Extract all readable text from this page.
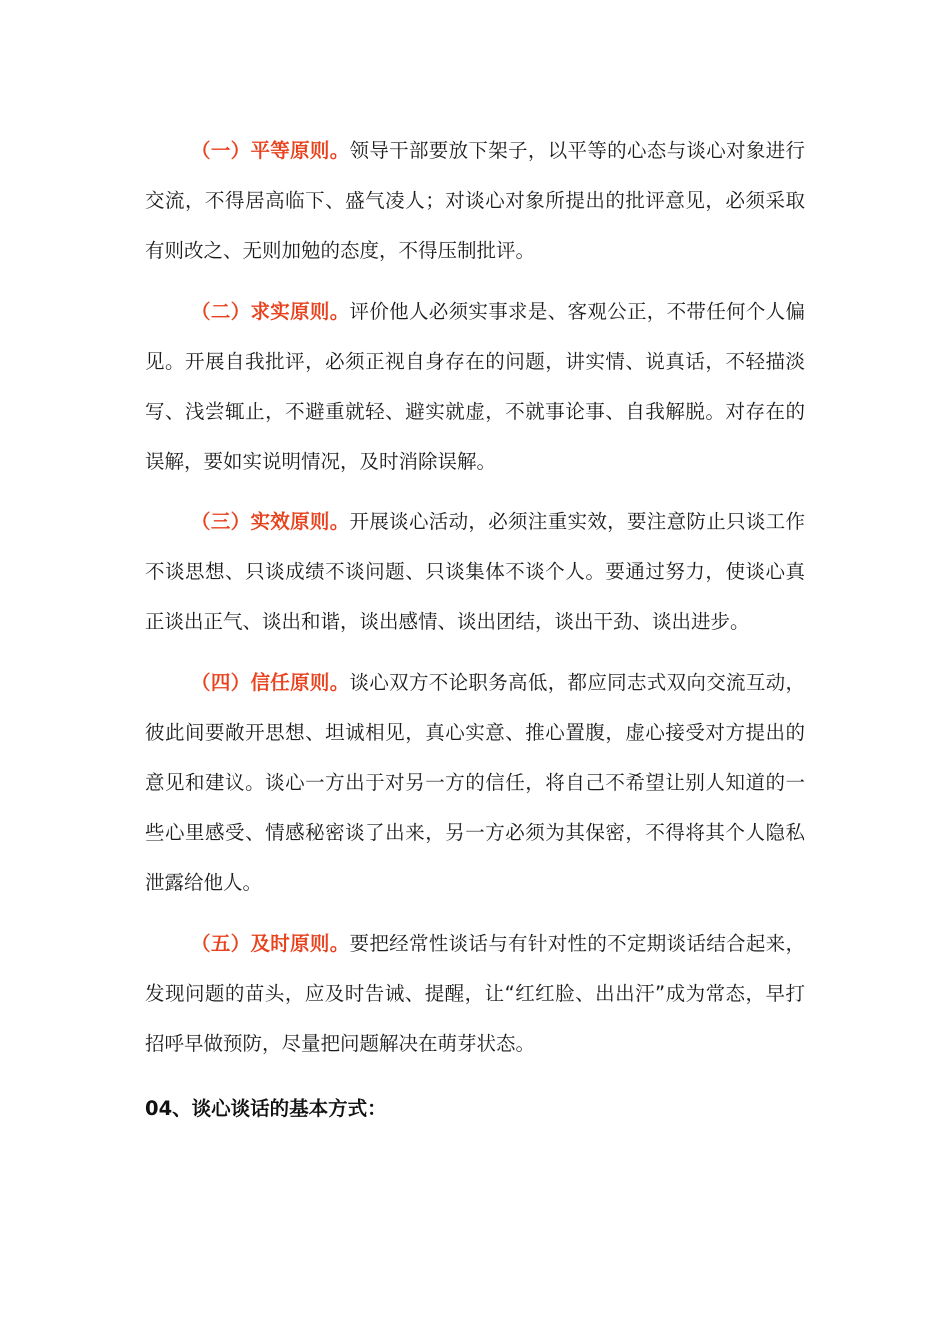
（一）平等原则。领导干部要放下架子，以平等的心态与谈心对象进行交流，不得居高临下、盛气凌人；对谈心对象所提出的批评意见，必须采取有则改之、无则加勉的态度，不得压制批评。

（二）求实原则。评价他人必须实事求是、客观公正，不带任何个人偏见。开展自我批评，必须正视自身存在的问题，讲实情、说真话，不轻描淡写、浅尝辄止，不避重就轻、避实就虚，不就事论事、自我解脱。对存在的误解，要如实说明情况，及时消除误解。

（三）实效原则。开展谈心活动，必须注重实效，要注意防止只谈工作不谈思想、只谈成绩不谈问题、只谈集体不谈个人。要通过努力，使谈心真正谈出正气、谈出和谐，谈出感情、谈出团结，谈出干劲、谈出进步。

（四）信任原则。谈心双方不论职务高低，都应同志式双向交流互动，彼此间要敞开思想、坦诚相见，真心实意、推心置腹，虚心接受对方提出的意见和建议。谈心一方出于对另一方的信任，将自己不希望让别人知道的一些心里感受、情感秘密谈了出来，另一方必须为其保密，不得将其个人隐私泄露给他人。

（五）及时原则。要把经常性谈话与有针对性的不定期谈话结合起来，发现问题的苗头，应及时告诫、提醒，让“红红脸、出出汗”成为常态，早打招呼早做预防，尽量把问题解决在萌芽状态。

04、谈心谈话的基本方式：
